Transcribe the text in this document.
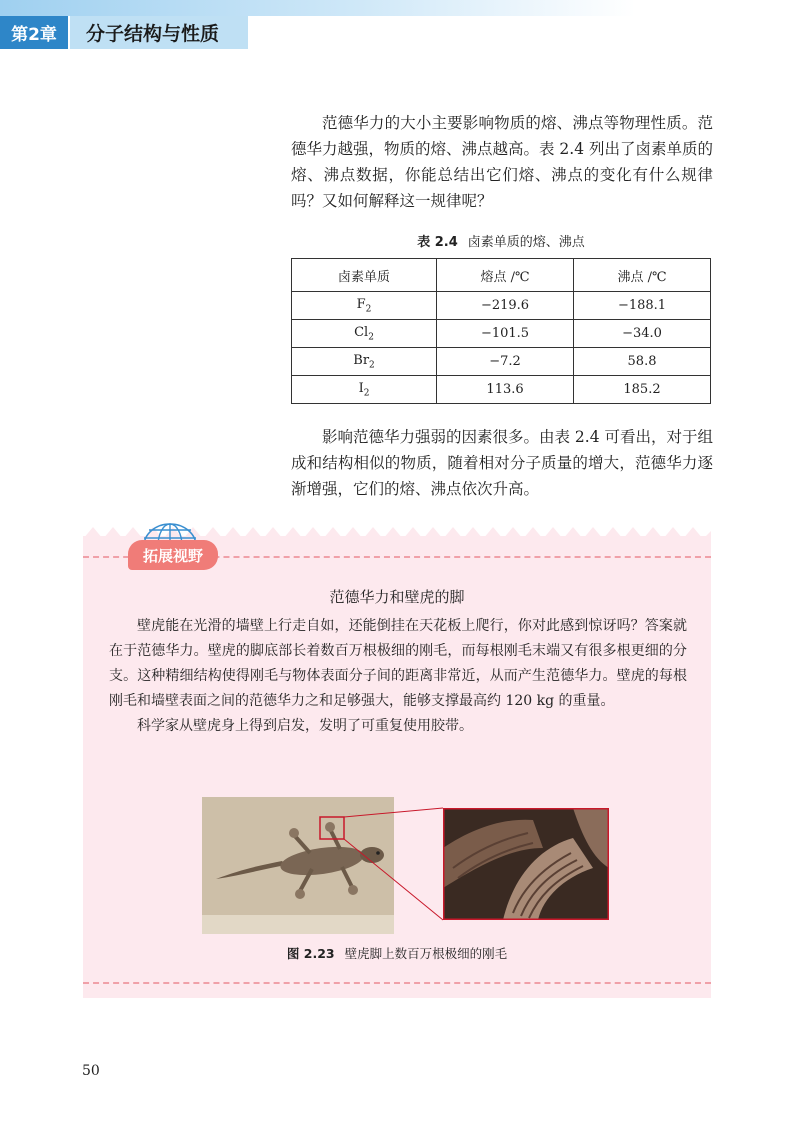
第2章	分子结构与性质

范德华力的大小主要影响物质的熔、沸点等物理性质。范德华力越强，物质的熔、沸点越高。表 2.4 列出了卤素单质的熔、沸点数据，你能总结出它们熔、沸点的变化有什么规律吗？又如何解释这一规律呢？

表 2.4 卤素单质的熔、沸点
卤素单质	熔点 /℃	沸点 /℃
$F_2$	−219.6	−188.1
$Cl_2$	−101.5	−34.0
$Br_2$	−7.2	58.8
$I_2$	113.6	185.2

影响范德华力强弱的因素很多。由表 2.4 可看出，对于组成和结构相似的物质，随着相对分子质量的增大，范德华力逐渐增强，它们的熔、沸点依次升高。

拓展视野
范德华力和壁虎的脚

壁虎能在光滑的墙壁上行走自如，还能倒挂在天花板上爬行，你对此感到惊讶吗？答案就在于范德华力。壁虎的脚底部长着数百万根极细的刚毛，而每根刚毛末端又有很多根更细的分支。这种精细结构使得刚毛与物体表面分子间的距离非常近，从而产生范德华力。壁虎的每根刚毛和墙壁表面之间的范德华力之和足够强大，能够支撑最高约 120 kg 的重量。

科学家从壁虎身上得到启发，发明了可重复使用胶带。

图 2.23 壁虎脚上数百万根极细的刚毛
50
